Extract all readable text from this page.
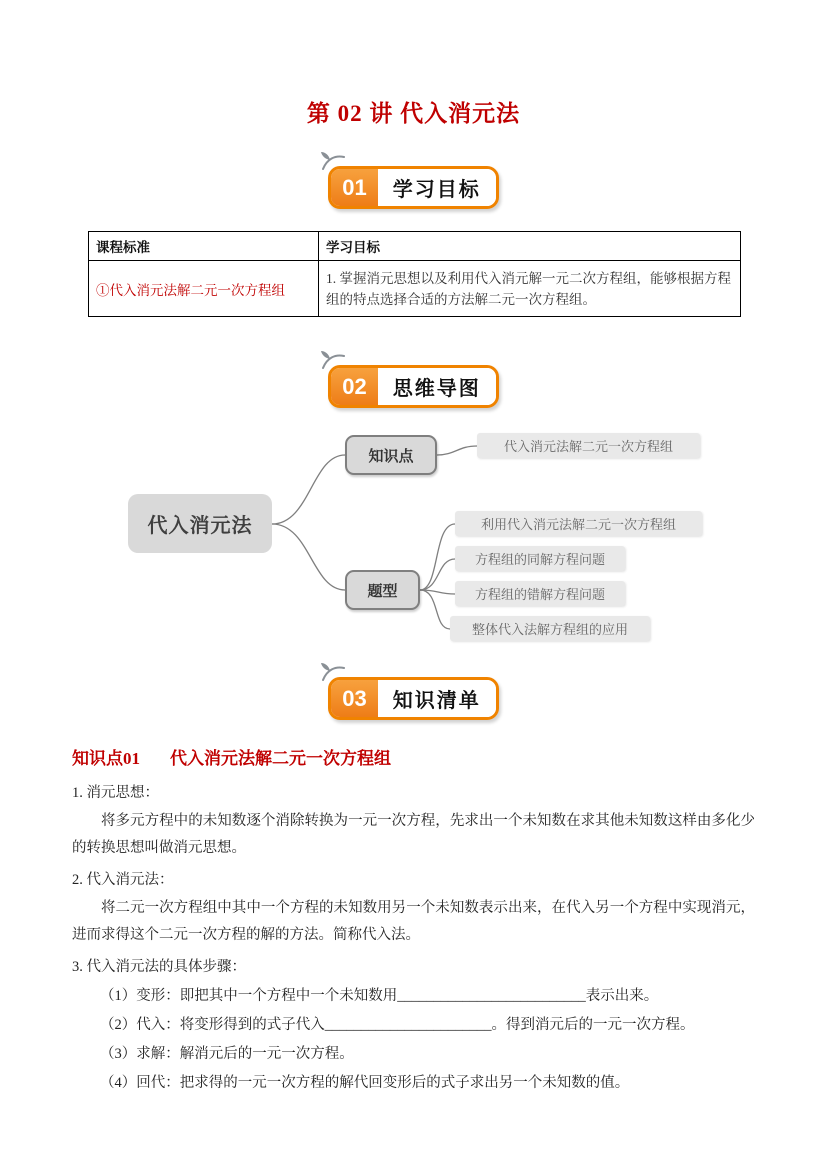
第 02 讲 代入消元法
01	学习目标
课程标准	学习目标
①代入消元法解二元一次方程组	1. 掌握消元思想以及利用代入消元解一元二次方程组，能够根据方程组的特点选择合适的方法解二元一次方程组。
02	思维导图
代入消元法
知识点
代入消元法解二元一次方程组
题型
利用代入消元法解二元一次方程组
方程组的同解方程问题
方程组的错解方程问题
整体代入法解方程组的应用
03	知识清单
知识点01 代入消元法解二元一次方程组

1. 消元思想：

将多元方程中的未知数逐个消除转换为一元一次方程，先求出一个未知数在求其他未知数这样由多化少的转换思想叫做消元思想。

2. 代入消元法：

将二元一次方程组中其中一个方程的未知数用另一个未知数表示出来，在代入另一个方程中实现消元，进而求得这个二元一次方程的解的方法。简称代入法。

3. 代入消元法的具体步骤：

（1）变形：即把其中一个方程中一个未知数用__________________________表示出来。

（2）代入：将变形得到的式子代入_______________________。得到消元后的一元一次方程。

（3）求解：解消元后的一元一次方程。

（4）回代：把求得的一元一次方程的解代回变形后的式子求出另一个未知数的值。
